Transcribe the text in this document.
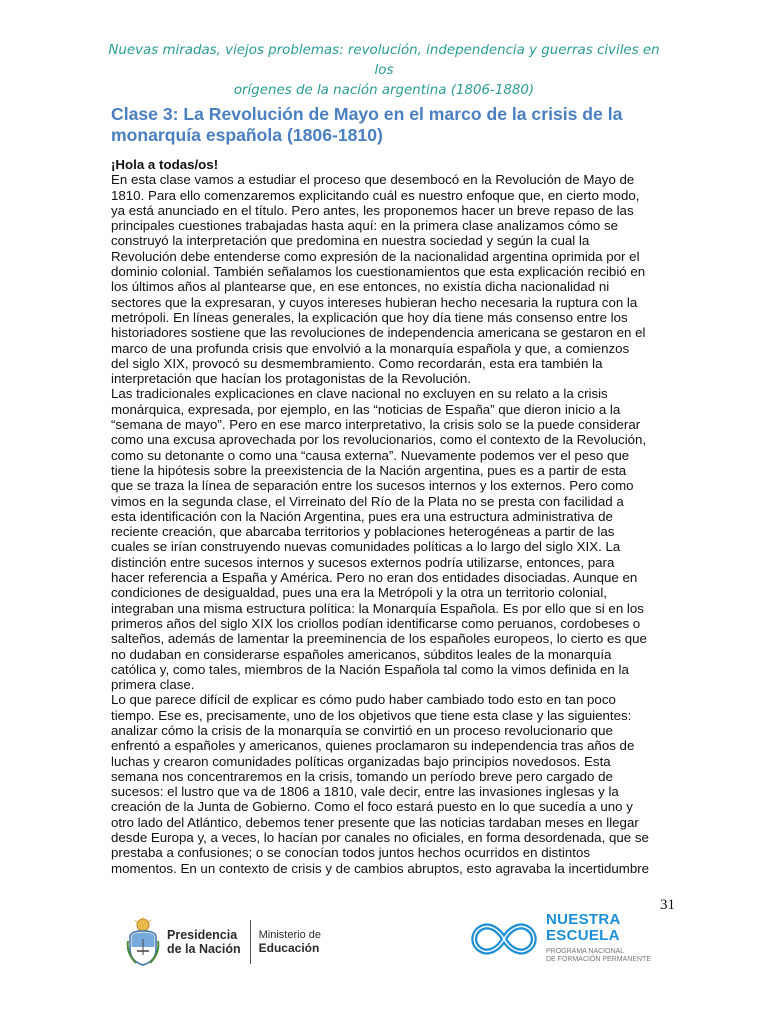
Nuevas miradas, viejos problemas: revolución, independencia y guerras civiles en los
orígenes de la nación argentina (1806-1880)
Clase 3: La Revolución de Mayo en el marco de la crisis de la
monarquía española (1806-1810)
¡Hola a todas/os!
En esta clase vamos a estudiar el proceso que desembocó en la Revolución de Mayo de
1810. Para ello comenzaremos explicitando cuál es nuestro enfoque que, en cierto modo,
ya está anunciado en el título. Pero antes, les proponemos hacer un breve repaso de las
principales cuestiones trabajadas hasta aquí: en la primera clase analizamos cómo se
construyó la interpretación que predomina en nuestra sociedad y según la cual la
Revolución debe entenderse como expresión de la nacionalidad argentina oprimida por el
dominio colonial. También señalamos los cuestionamientos que esta explicación recibió en
los últimos años al plantearse que, en ese entonces, no existía dicha nacionalidad ni
sectores que la expresaran, y cuyos intereses hubieran hecho necesaria la ruptura con la
metrópoli. En líneas generales, la explicación que hoy día tiene más consenso entre los
historiadores sostiene que las revoluciones de independencia americana se gestaron en el
marco de una profunda crisis que envolvió a la monarquía española y que, a comienzos
del siglo XIX, provocó su desmembramiento. Como recordarán, esta era también la
interpretación que hacían los protagonistas de la Revolución.
Las tradicionales explicaciones en clave nacional no excluyen en su relato a la crisis
monárquica, expresada, por ejemplo, en las “noticias de España” que dieron inicio a la
“semana de mayo”. Pero en ese marco interpretativo, la crisis solo se la puede considerar
como una excusa aprovechada por los revolucionarios, como el contexto de la Revolución,
como su detonante o como una “causa externa”. Nuevamente podemos ver el peso que
tiene la hipótesis sobre la preexistencia de la Nación argentina, pues es a partir de esta
que se traza la línea de separación entre los sucesos internos y los externos. Pero como
vimos en la segunda clase, el Virreinato del Río de la Plata no se presta con facilidad a
esta identificación con la Nación Argentina, pues era una estructura administrativa de
reciente creación, que abarcaba territorios y poblaciones heterogéneas a partir de las
cuales se irían construyendo nuevas comunidades políticas a lo largo del siglo XIX. La
distinción entre sucesos internos y sucesos externos podría utilizarse, entonces, para
hacer referencia a España y América. Pero no eran dos entidades disociadas. Aunque en
condiciones de desigualdad, pues una era la Metrópoli y la otra un territorio colonial,
integraban una misma estructura política: la Monarquía Española. Es por ello que si en los
primeros años del siglo XIX los criollos podían identificarse como peruanos, cordobeses o
salteños, además de lamentar la preeminencia de los españoles europeos, lo cierto es que
no dudaban en considerarse españoles americanos, súbditos leales de la monarquía
católica y, como tales, miembros de la Nación Española tal como la vimos definida en la
primera clase.
Lo que parece difícil de explicar es cómo pudo haber cambiado todo esto en tan poco
tiempo. Ese es, precisamente, uno de los objetivos que tiene esta clase y las siguientes:
analizar cómo la crisis de la monarquía se convirtió en un proceso revolucionario que
enfrentó a españoles y americanos, quienes proclamaron su independencia tras años de
luchas y crearon comunidades políticas organizadas bajo principios novedosos. Esta
semana nos concentraremos en la crisis, tomando un período breve pero cargado de
sucesos: el lustro que va de 1806 a 1810, vale decir, entre las invasiones inglesas y la
creación de la Junta de Gobierno. Como el foco estará puesto en lo que sucedía a uno y
otro lado del Atlántico, debemos tener presente que las noticias tardaban meses en llegar
desde Europa y, a veces, lo hacían por canales no oficiales, en forma desordenada, que se
prestaba a confusiones; o se conocían todos juntos hechos ocurridos en distintos
momentos. En un contexto de crisis y de cambios abruptos, esto agravaba la incertidumbre
31
Presidencia
de la Nación
Ministerio de
Educación
NUESTRA
ESCUELA
PROGRAMA NACIONAL
DE FORMACIÓN PERMANENTE
